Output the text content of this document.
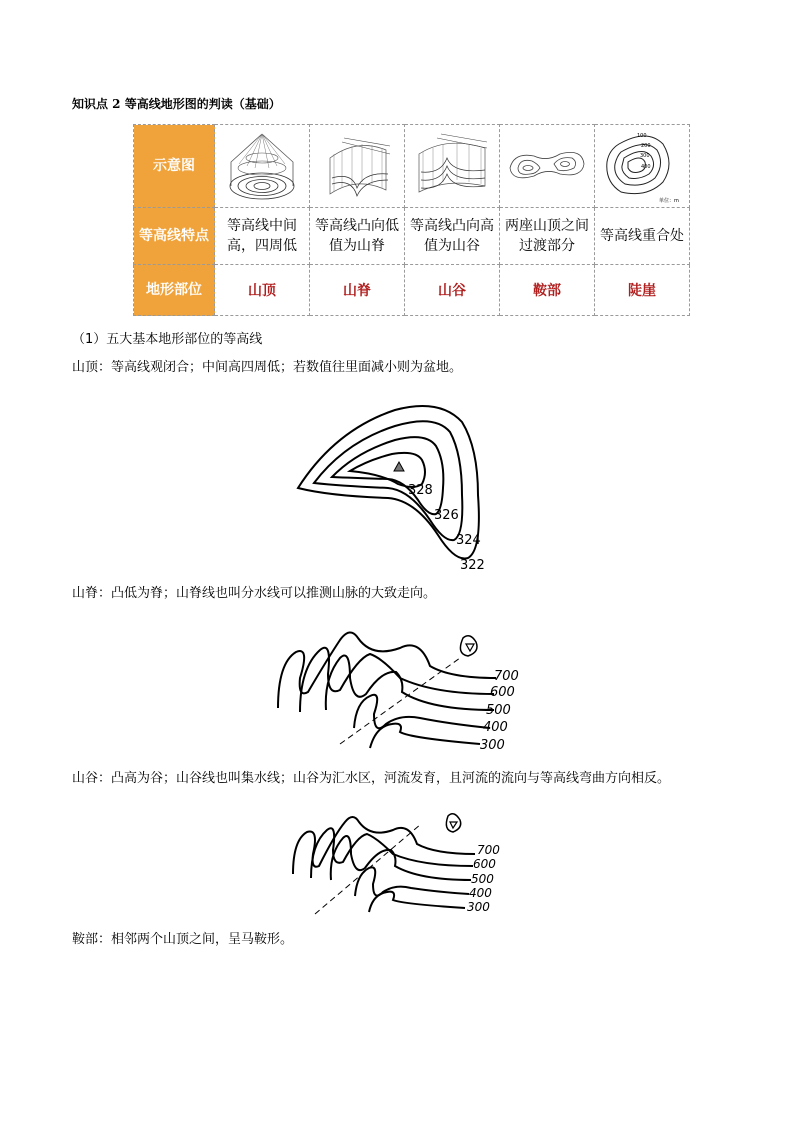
知识点 2 等高线地形图的判读（基础）
示意图					100
200
300
400
单位：m

等高线特点	等高线中间高，四周低	等高线凸向低值为山脊	等高线凸向高值为山谷	两座山顶之间过渡部分	等高线重合处
地形部位	山顶	山脊	山谷	鞍部	陡崖
（1）五大基本地形部位的等高线
山顶：等高线观闭合；中间高四周低；若数值往里面减小则为盆地。
328
326
324
322
山脊：凸低为脊；山脊线也叫分水线可以推测山脉的大致走向。
700
600
500
400
300
山谷：凸高为谷；山谷线也叫集水线；山谷为汇水区，河流发育，且河流的流向与等高线弯曲方向相反。
700
600
500
400
300
鞍部：相邻两个山顶之间，呈马鞍形。
